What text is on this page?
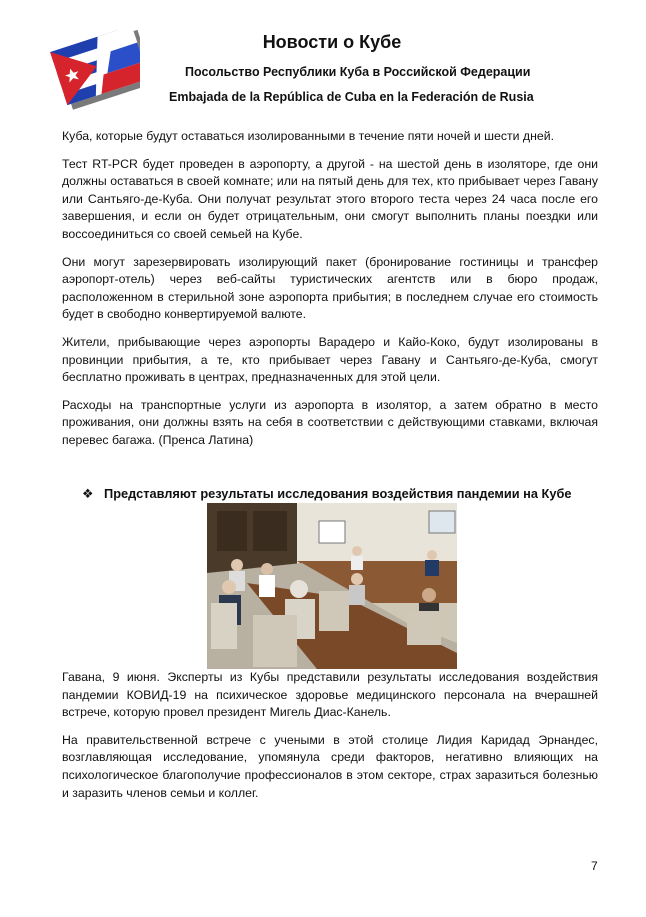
Новости о Кубе
Посольство Республики Куба в Российской Федерации
Embajada de la República de Cuba en la Federación de Rusia

Куба, которые будут оставаться изолированными в течение пяти ночей и шести дней.

Тест RT-PCR будет проведен в аэропорту, а другой - на шестой день в изоляторе, где они должны оставаться в своей комнате; или на пятый день для тех, кто прибывает через Гавану или Сантьяго-де-Куба. Они получат результат этого второго теста через 24 часа после его завершения, и если он будет отрицательным, они смогут выполнить планы поездки или воссоединиться со своей семьей на Кубе.

Они могут зарезервировать изолирующий пакет (бронирование гостиницы и трансфер аэропорт-отель) через веб-сайты туристических агентств или в бюро продаж, расположенном в стерильной зоне аэропорта прибытия; в последнем случае его стоимость будет в свободно конвертируемой валюте.

Жители, прибывающие через аэропорты Варадеро и Кайо-Коко, будут изолированы в провинции прибытия, а те, кто прибывает через Гавану и Сантьяго-де-Куба, смогут бесплатно проживать в центрах, предназначенных для этой цели.

Расходы на транспортные услуги из аэропорта в изолятор, а затем обратно в место проживания, они должны взять на себя в соответствии с действующими ставками, включая перевес багажа. (Пренса Латина)

❖ Представляют результаты исследования воздействия пандемии на Кубе

Гавана, 9 июня. Эксперты из Кубы представили результаты исследования воздействия пандемии КОВИД-19 на психическое здоровье медицинского персонала на вчерашней встрече, которую провел президент Мигель Диас-Канель.

На правительственной встрече с учеными в этой столице Лидия Каридад Эрнандес, возглавляющая исследование, упомянула среди факторов, негативно влияющих на психологическое благополучие профессионалов в этом секторе, страх заразиться болезнью и заразить членов семьи и коллег.

7
